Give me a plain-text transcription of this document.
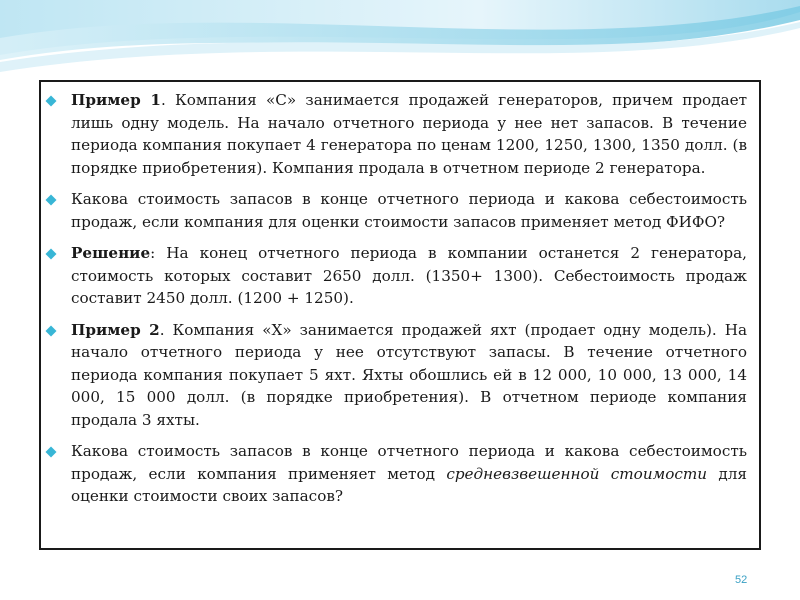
Пример 1. Компания «С» занимается продажей генераторов, причем продает лишь одну модель. На начало отчетного периода у нее нет запасов. В течение периода компания покупает 4 генератора по ценам 1200, 1250, 1300, 1350 долл. (в порядке приобретения). Компания продала в отчетном периоде 2 генератора.
Какова стоимость запасов в конце отчетного периода и какова себестоимость продаж, если компания для оценки стоимости запасов применяет метод ФИФО?
Решение: На конец отчетного периода в компании останется 2 генератора, стоимость которых составит 2650 долл. (1350+ 1300). Себестоимость продаж составит 2450 долл. (1200 + 1250).
Пример 2. Компания «Х» занимается продажей яхт (продает одну модель). На начало отчетного периода у нее отсутствуют запасы. В течение отчетного периода компания покупает 5 яхт. Яхты обошлись ей в 12 000, 10 000, 13 000, 14 000, 15 000 долл. (в порядке приобретения). В отчетном периоде компания продала 3 яхты.
Какова стоимость запасов в конце отчетного периода и какова себестоимость продаж, если компания применяет метод средневзвешенной стоимости для оценки стоимости своих запасов?
52
